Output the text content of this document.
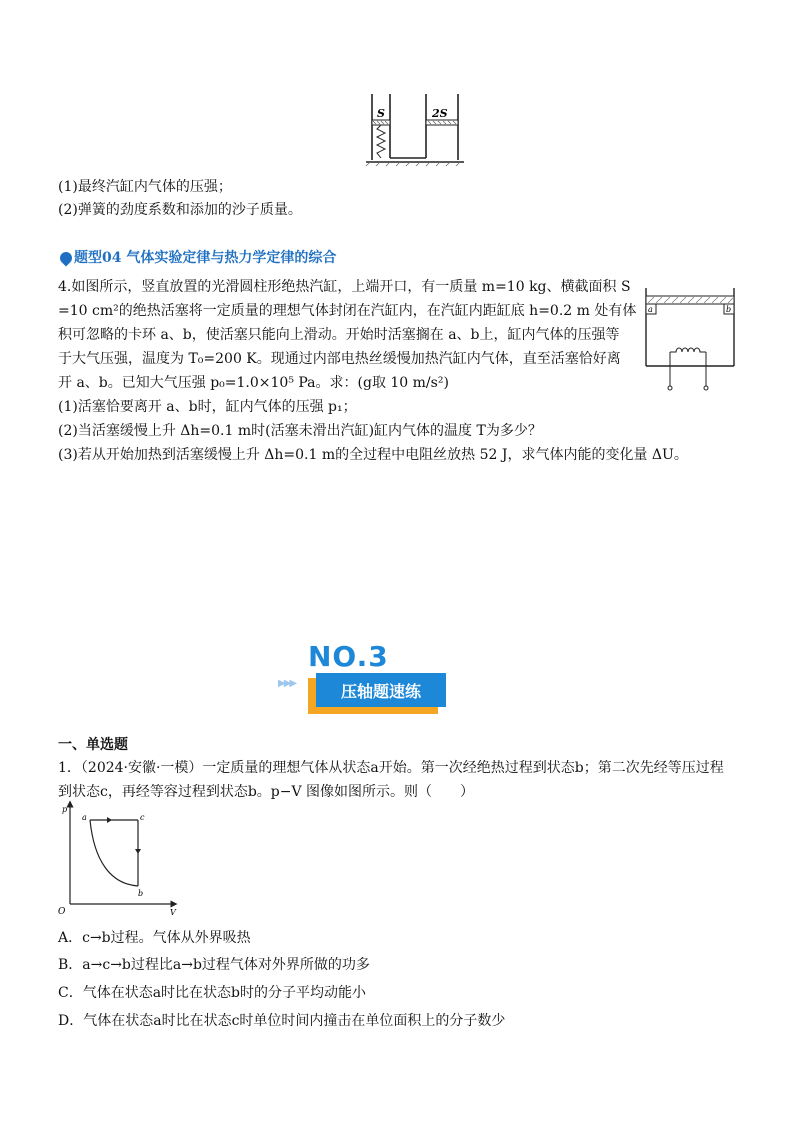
S	2S
(1)最终汽缸内气体的压强；
(2)弹簧的劲度系数和添加的沙子质量。
题型04 气体实验定律与热力学定律的综合
4.如图所示，竖直放置的光滑圆柱形绝热汽缸，上端开口，有一质量 m=10 kg、横截面积 S
=10 cm²的绝热活塞将一定质量的理想气体封闭在汽缸内，在汽缸内距缸底 h=0.2 m 处有体
积可忽略的卡环 a、b，使活塞只能向上滑动。开始时活塞搁在 a、b上，缸内气体的压强等
于大气压强，温度为 T₀=200 K。现通过内部电热丝缓慢加热汽缸内气体，直至活塞恰好离
开 a、b。已知大气压强 p₀=1.0×10⁵ Pa。求：(g取 10 m/s²)
(1)活塞恰要离开 a、b时，缸内气体的压强 p₁；
(2)当活塞缓慢上升 Δh=0.1 m时(活塞未滑出汽缸)缸内气体的温度 T为多少？
(3)若从开始加热到活塞缓慢上升 Δh=0.1 m的全过程中电阻丝放热 52 J，求气体内能的变化量 ΔU。
a	b
NO.3
▶▶▶	压轴题速练
一、单选题
1．（2024·安徽·一模）一定质量的理想气体从状态a开始。第一次经绝热过程到状态b；第二次先经等压过程
到状态c，再经等容过程到状态b。p−V 图像如图所示。则（　　）
p
V
O
a	c
b
A．c→b过程。气体从外界吸热
B．a→c→b过程比a→b过程气体对外界所做的功多
C．气体在状态a时比在状态b时的分子平均动能小
D．气体在状态a时比在状态c时单位时间内撞击在单位面积上的分子数少
